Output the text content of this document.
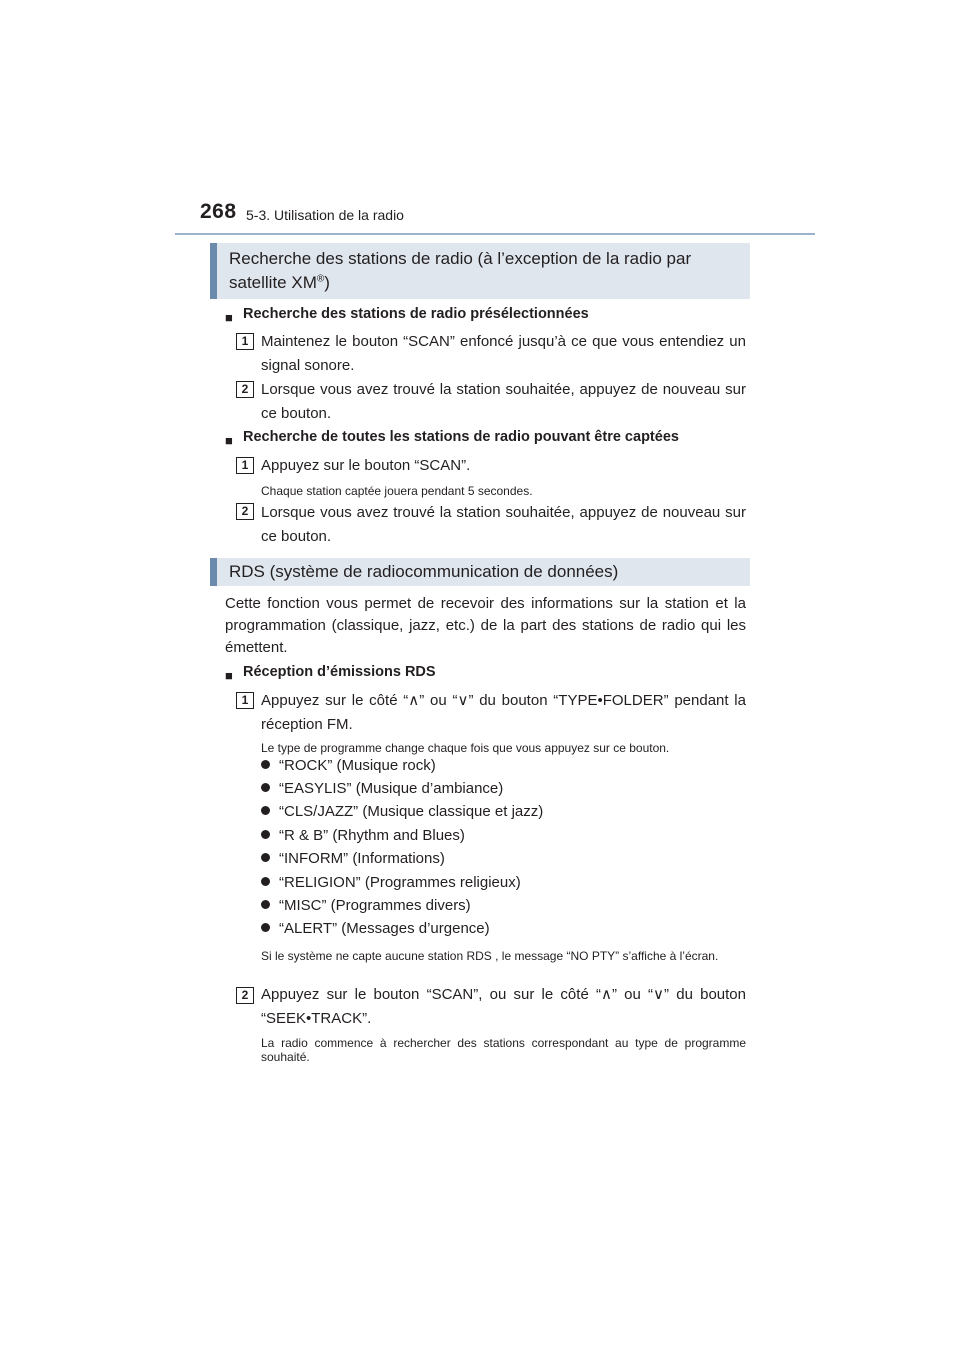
268 5-3. Utilisation de la radio
Recherche des stations de radio (à l’exception de la radio par satellite XM®)
■ Recherche des stations de radio présélectionnées
1 Maintenez le bouton “SCAN” enfoncé jusqu’à ce que vous entendiez un signal sonore.
2 Lorsque vous avez trouvé la station souhaitée, appuyez de nouveau sur ce bouton.
■ Recherche de toutes les stations de radio pouvant être captées
1 Appuyez sur le bouton “SCAN”.
Chaque station captée jouera pendant 5 secondes.
2 Lorsque vous avez trouvé la station souhaitée, appuyez de nouveau sur ce bouton.
RDS (système de radiocommunication de données)
Cette fonction vous permet de recevoir des informations sur la station et la programmation (classique, jazz, etc.) de la part des stations de radio qui les émettent.
■ Réception d’émissions RDS
1 Appuyez sur le côté “∧” ou “∨” du bouton “TYPE•FOLDER” pendant la réception FM.
Le type de programme change chaque fois que vous appuyez sur ce bouton.
“ROCK” (Musique rock)
“EASYLIS” (Musique d’ambiance)
“CLS/JAZZ” (Musique classique et jazz)
“R & B” (Rhythm and Blues)
“INFORM” (Informations)
“RELIGION” (Programmes religieux)
“MISC” (Programmes divers)
“ALERT” (Messages d’urgence)
Si le système ne capte aucune station RDS , le message “NO PTY” s’affiche à l’écran.
2 Appuyez sur le bouton “SCAN”, ou sur le côté “∧” ou “∨” du bouton “SEEK•TRACK”.
La radio commence à rechercher des stations correspondant au type de programme souhaité.
